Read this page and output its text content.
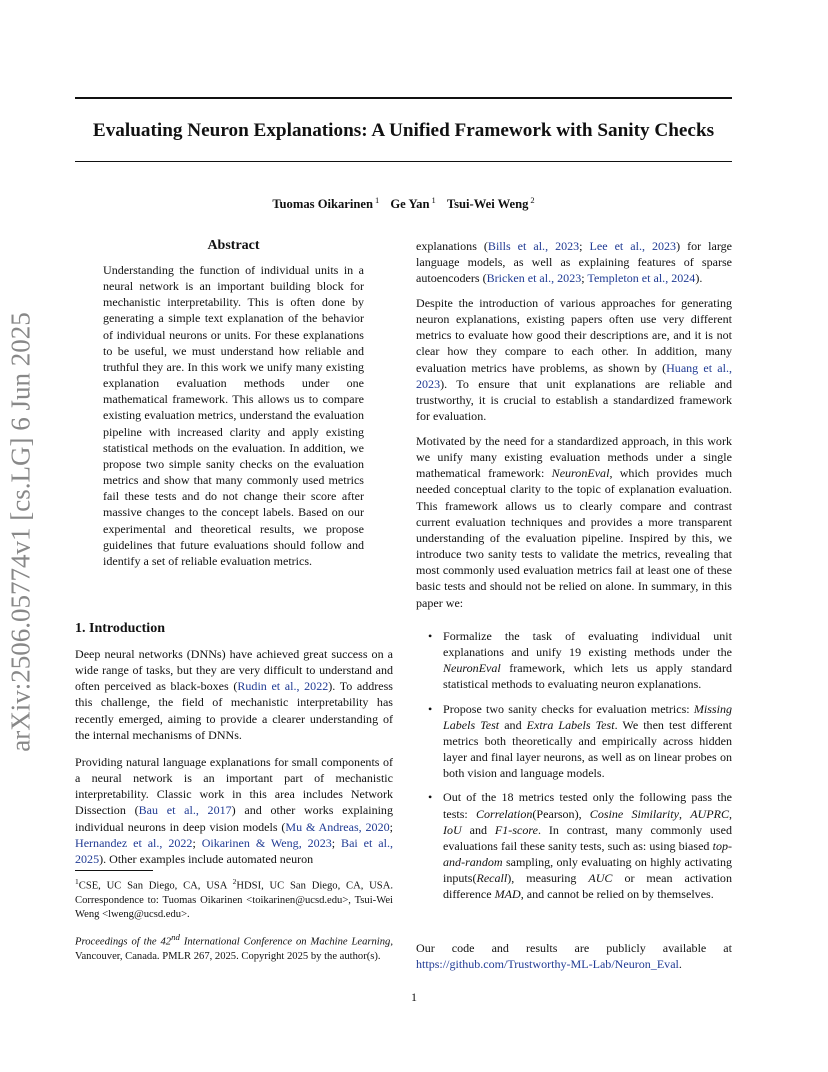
arXiv:2506.05774v1 [cs.LG] 6 Jun 2025
Evaluating Neuron Explanations: A Unified Framework with Sanity Checks
Tuomas Oikarinen $^1$ Ge Yan $^1$ Tsui-Wei Weng $^2$
Abstract
Understanding the function of individual units in a neural network is an important building block for mechanistic interpretability. This is often done by generating a simple text explanation of the behavior of individual neurons or units. For these explanations to be useful, we must understand how reliable and truthful they are. In this work we unify many existing explanation evaluation methods under one mathematical framework. This allows us to compare existing evaluation metrics, understand the evaluation pipeline with increased clarity and apply existing statistical methods on the evaluation. In addition, we propose two simple sanity checks on the evaluation metrics and show that many commonly used metrics fail these tests and do not change their score after massive changes to the concept labels. Based on our experimental and theoretical results, we propose guidelines that future evaluations should follow and identify a set of reliable evaluation metrics.
1. Introduction

Deep neural networks (DNNs) have achieved great success on a wide range of tasks, but they are very difficult to understand and often perceived as black-boxes (Rudin et al., 2022). To address this challenge, the field of mechanistic interpretability has recently emerged, aiming to provide a clearer understanding of the internal mechanisms of DNNs.

Providing natural language explanations for small components of a neural network is an important part of mechanistic interpretability. Classic work in this area includes Network Dissection (Bau et al., 2017) and other works explaining individual neurons in deep vision models (Mu & Andreas, 2020; Hernandez et al., 2022; Oikarinen & Weng, 2023; Bai et al., 2025). Other examples include automated neuron

$^1$CSE, UC San Diego, CA, USA $^2$HDSI, UC San Diego, CA, USA. Correspondence to: Tuomas Oikarinen <toikarinen@ucsd.edu>, Tsui-Wei Weng <lweng@ucsd.edu>.
Proceedings of the 42nd International Conference on Machine Learning, Vancouver, Canada. PMLR 267, 2025. Copyright 2025 by the author(s).

explanations (Bills et al., 2023; Lee et al., 2023) for large language models, as well as explaining features of sparse autoencoders (Bricken et al., 2023; Templeton et al., 2024).

Despite the introduction of various approaches for generating neuron explanations, existing papers often use very different metrics to evaluate how good their descriptions are, and it is not clear how they compare to each other. In addition, many evaluation metrics have problems, as shown by (Huang et al., 2023). To ensure that unit explanations are reliable and trustworthy, it is crucial to establish a standardized framework for evaluation.

Motivated by the need for a standardized approach, in this work we unify many existing evaluation methods under a single mathematical framework: NeuronEval, which provides much needed conceptual clarity to the topic of explanation evaluation. This framework allows us to clearly compare and contrast current evaluation techniques and provides a more transparent understanding of the evaluation pipeline. Inspired by this, we introduce two sanity tests to validate the metrics, revealing that most commonly used evaluation metrics fail at least one of these basic tests and should not be relied on alone. In summary, in this paper we:

• Formalize the task of evaluating individual unit explanations and unify 19 existing methods under the NeuronEval framework, which lets us apply standard statistical methods to evaluating neuron explanations.
• Propose two sanity checks for evaluation metrics: Missing Labels Test and Extra Labels Test. We then test different metrics both theoretically and empirically across hidden layer and final layer neurons, as well as on linear probes on both vision and language models.
• Out of the 18 metrics tested only the following pass the tests: Correlation(Pearson), Cosine Similarity, AUPRC, IoU and F1-score. In contrast, many commonly used evaluations fail these sanity tests, such as: using biased top-and-random sampling, only evaluating on highly activating inputs(Recall), measuring AUC or mean activation difference MAD, and cannot be relied on by themselves.

Our code and results are publicly available at https://github.com/Trustworthy-ML-Lab/Neuron_Eval.

1
